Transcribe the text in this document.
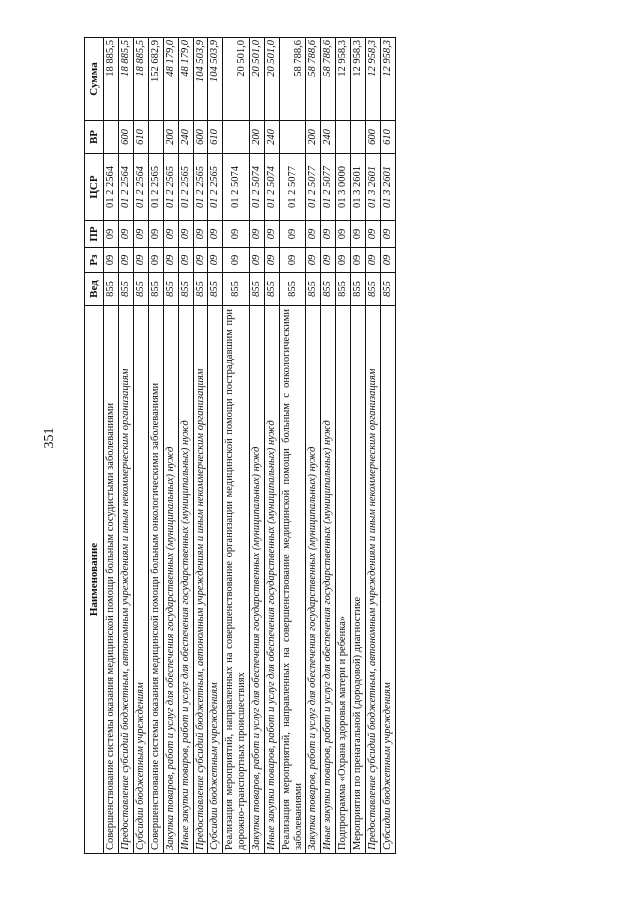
351
Наименование	Вед	Рз	ПР	ЦСР	ВР	Сумма
Совершенствование системы оказания медицинской помощи больным сосудистыми заболеваниями	855	09	09	01 2 2564		18 885,5
Предоставление субсидий бюджетным, автономным учреждениям и иным некоммерческим организациям	855	09	09	01 2 2564	600	18 885,5
Субсидии бюджетным учреждениям	855	09	09	01 2 2564	610	18 885,5
Совершенствование системы оказания медицинской помощи больным онкологическими заболеваниями	855	09	09	01 2 2565		152 682,9
Закупка товаров, работ и услуг для обеспечения государственных (муниципальных) нужд	855	09	09	01 2 2565	200	48 179,0
Иные закупки товаров, работ и услуг для обеспечения государственных (муниципальных) нужд	855	09	09	01 2 2565	240	48 179,0
Предоставление субсидий бюджетным, автономным учреждениям и иным некоммерческим организациям	855	09	09	01 2 2565	600	104 503,9
Субсидии бюджетным учреждениям	855	09	09	01 2 2565	610	104 503,9
Реализация мероприятий, направленных на совершенствование организации медицинской помощи пострадавшим при дорожно-транспортных происшествиях	855	09	09	01 2 5074		20 501,0
Закупка товаров, работ и услуг для обеспечения государственных (муниципальных) нужд	855	09	09	01 2 5074	200	20 501,0
Иные закупки товаров, работ и услуг для обеспечения государственных (муниципальных) нужд	855	09	09	01 2 5074	240	20 501,0
Реализация мероприятий, направленных на совершенствование медицинской помощи больным с онкологическими заболеваниями	855	09	09	01 2 5077		58 788,6
Закупка товаров, работ и услуг для обеспечения государственных (муниципальных) нужд	855	09	09	01 2 5077	200	58 788,6
Иные закупки товаров, работ и услуг для обеспечения государственных (муниципальных) нужд	855	09	09	01 2 5077	240	58 788,6
Подпрограмма «Охрана здоровья матери и ребенка»	855	09	09	01 3 0000		12 958,3
Мероприятия по пренатальной (дородовой) диагностике	855	09	09	01 3 2601		12 958,3
Предоставление субсидий бюджетным, автономным учреждениям и иным некоммерческим организациям	855	09	09	01 3 2601	600	12 958,3
Субсидии бюджетным учреждениям	855	09	09	01 3 2601	610	12 958,3
